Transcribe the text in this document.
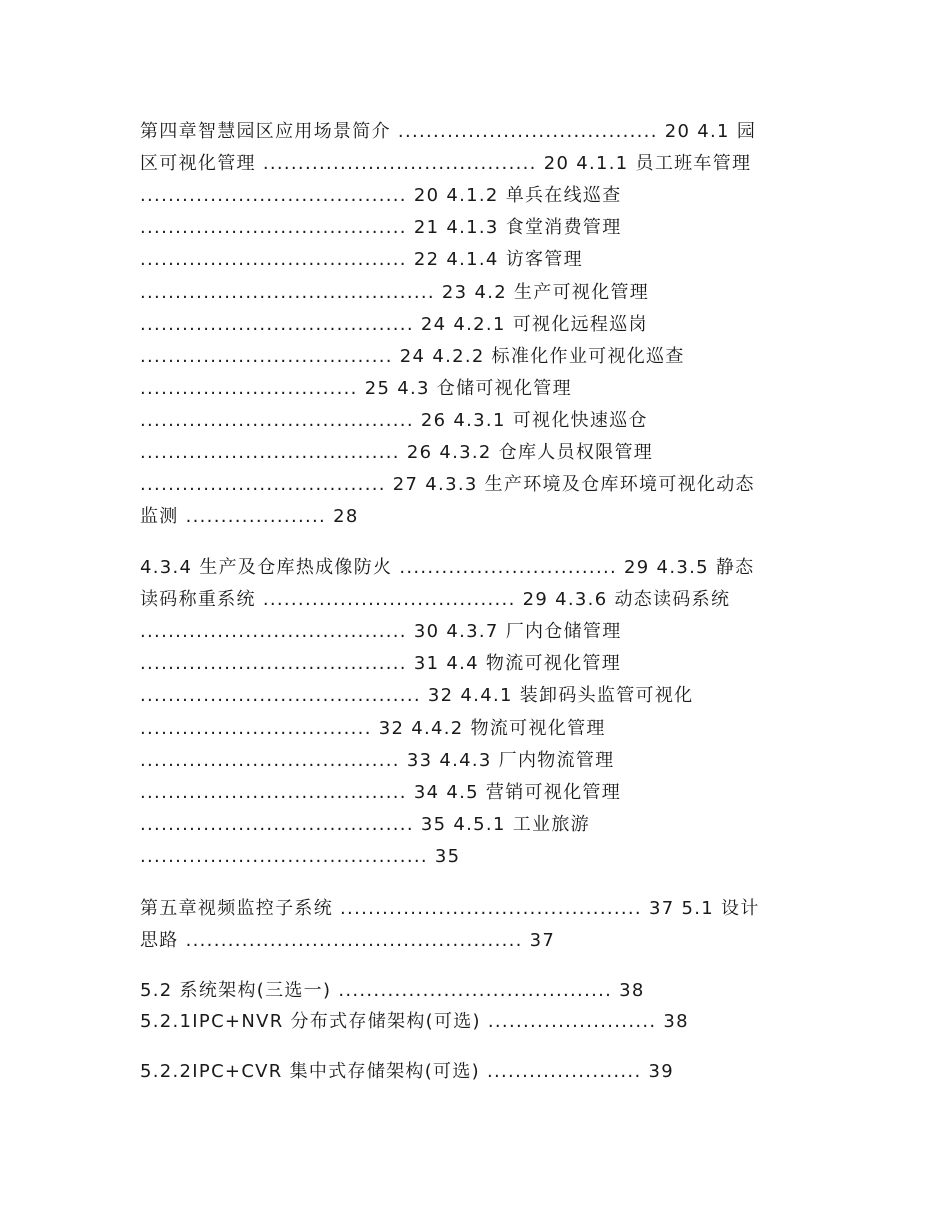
第四章智慧园区应用场景简介 ..................................... 20 4.1 园
区可视化管理 ....................................... 20 4.1.1 员工班车管理
...................................... 20 4.1.2 单兵在线巡查
...................................... 21 4.1.3 食堂消费管理
...................................... 22 4.1.4 访客管理
.......................................... 23 4.2 生产可视化管理
....................................... 24 4.2.1 可视化远程巡岗
.................................... 24 4.2.2 标准化作业可视化巡查
............................... 25 4.3 仓储可视化管理
....................................... 26 4.3.1 可视化快速巡仓
..................................... 26 4.3.2 仓库人员权限管理
................................... 27 4.3.3 生产环境及仓库环境可视化动态
监测 .................... 28
4.3.4 生产及仓库热成像防火 ............................... 29 4.3.5 静态
读码称重系统 .................................... 29 4.3.6 动态读码系统
...................................... 30 4.3.7 厂内仓储管理
...................................... 31 4.4 物流可视化管理
........................................ 32 4.4.1 装卸码头监管可视化
................................. 32 4.4.2 物流可视化管理
..................................... 33 4.4.3 厂内物流管理
...................................... 34 4.5 营销可视化管理
....................................... 35 4.5.1 工业旅游
......................................... 35
第五章视频监控子系统 ........................................... 37 5.1 设计
思路 ................................................ 37
5.2 系统架构(三选一) ....................................... 38
5.2.1IPC+NVR 分布式存储架构(可选) ........................ 38
5.2.2IPC+CVR 集中式存储架构(可选) ...................... 39
